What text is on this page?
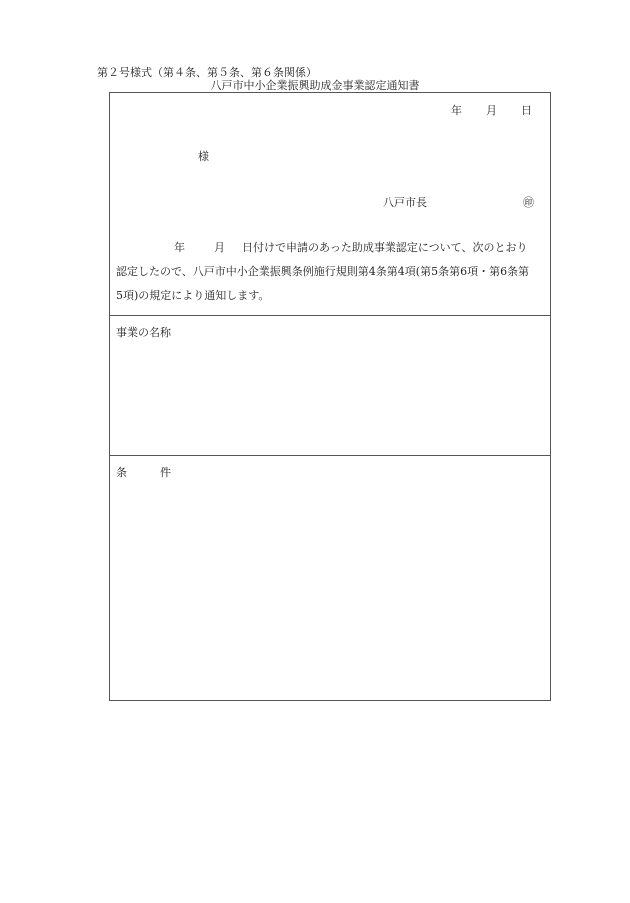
第２号様式（第４条、第５条、第６条関係）
八戸市中小企業振興助成金事業認定通知書
年 月 日
様
八戸市長	㊞
年	月 日付けで申請のあった助成事業認定について、次のとおり
認定したので、八戸市中小企業振興条例施行規則第4条第4項(第5条第6項・第6条第
5項)の規定により通知します。
事業の名称
条	件
